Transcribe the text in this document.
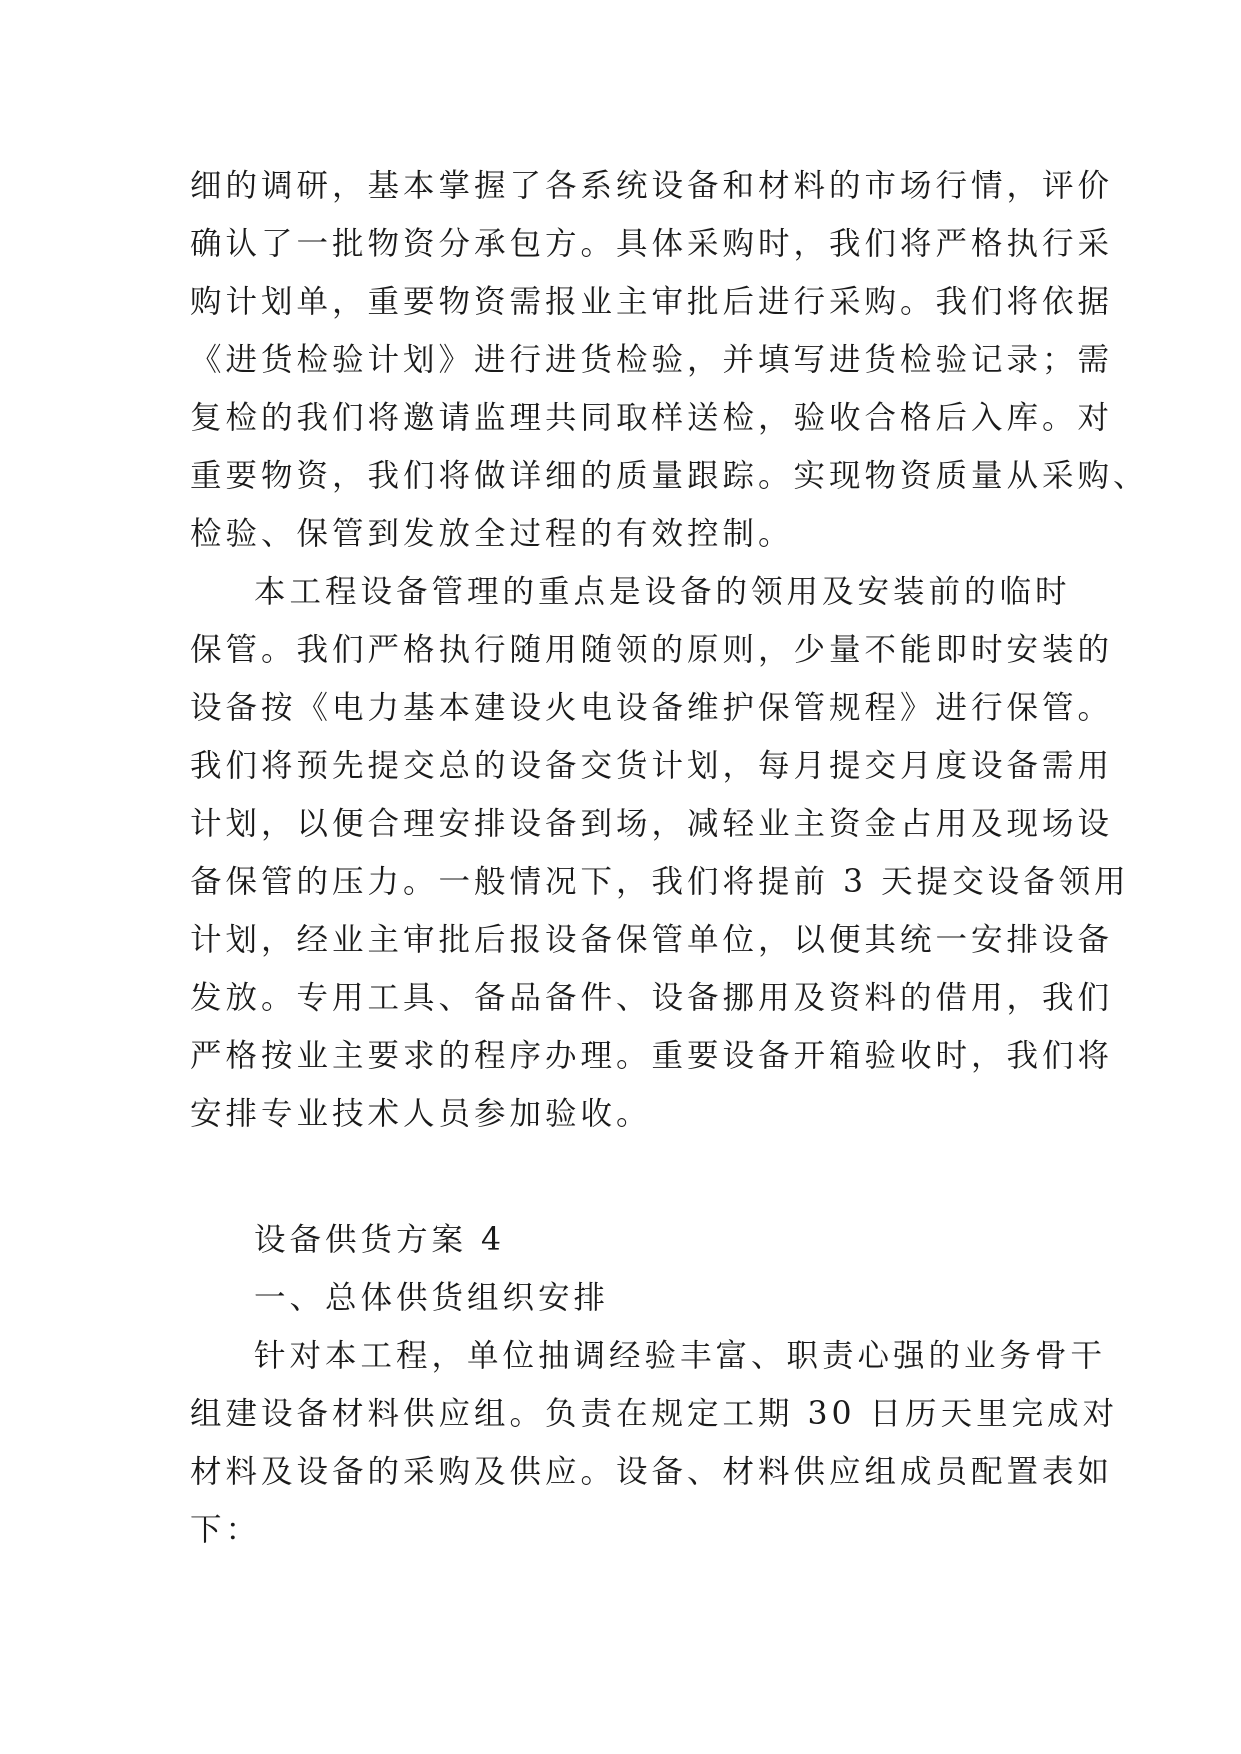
细的调研，基本掌握了各系统设备和材料的市场行情，评价
确认了一批物资分承包方。具体采购时，我们将严格执行采
购计划单，重要物资需报业主审批后进行采购。我们将依据
《进货检验计划》进行进货检验，并填写进货检验记录；需
复检的我们将邀请监理共同取样送检，验收合格后入库。对
重要物资，我们将做详细的质量跟踪。实现物资质量从采购、
检验、保管到发放全过程的有效控制。
本工程设备管理的重点是设备的领用及安装前的临时
保管。我们严格执行随用随领的原则，少量不能即时安装的
设备按《电力基本建设火电设备维护保管规程》进行保管。
我们将预先提交总的设备交货计划，每月提交月度设备需用
计划，以便合理安排设备到场，减轻业主资金占用及现场设
备保管的压力。一般情况下，我们将提前 3 天提交设备领用
计划，经业主审批后报设备保管单位，以便其统一安排设备
发放。专用工具、备品备件、设备挪用及资料的借用，我们
严格按业主要求的程序办理。重要设备开箱验收时，我们将
安排专业技术人员参加验收。
设备供货方案 4
一、总体供货组织安排
针对本工程，单位抽调经验丰富、职责心强的业务骨干
组建设备材料供应组。负责在规定工期 30 日历天里完成对
材料及设备的采购及供应。设备、材料供应组成员配置表如
下：
